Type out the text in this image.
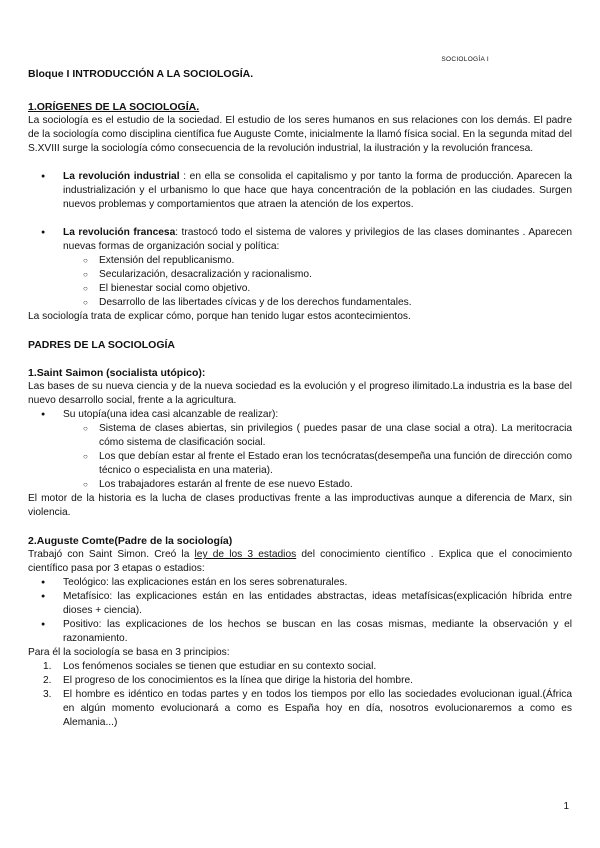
SOCIOLOGÍA I

Bloque I INTRODUCCIÓN A LA SOCIOLOGÍA.

1.ORÍGENES DE LA SOCIOLOGÍA.

La sociología es el estudio de la sociedad. El estudio de los seres humanos en sus relaciones con los demás. El padre de la sociología como disciplina científica fue Auguste Comte, inicialmente la llamó física social. En la segunda mitad del S.XVIII surge la sociología cómo consecuencia de la revolución industrial, la ilustración y la revolución francesa.

● La revolución industrial : en ella se consolida el capitalismo y por tanto la forma de producción. Aparecen la industrialización y el urbanismo lo que hace que haya concentración de la población en las ciudades. Surgen nuevos problemas y comportamientos que atraen la atención de los expertos.
● La revolución francesa: trastocó todo el sistema de valores y privilegios de las clases dominantes . Aparecen nuevas formas de organización social y política:
○ Extensión del republicanismo.
○ Secularización, desacralización y racionalismo.
○ El bienestar social como objetivo.
○ Desarrollo de las libertades cívicas y de los derechos fundamentales.

La sociología trata de explicar cómo, porque han tenido lugar estos acontecimientos.

PADRES DE LA SOCIOLOGÍA

1.Saint Saimon (socialista utópico):

Las bases de su nueva ciencia y de la nueva sociedad es la evolución y el progreso ilimitado.La industria es la base del nuevo desarrollo social, frente a la agricultura.

● Su utopía(una idea casi alcanzable de realizar):
○ Sistema de clases abiertas, sin privilegios ( puedes pasar de una clase social a otra). La meritocracia cómo sistema de clasificación social.
○ Los que debían estar al frente el Estado eran los tecnócratas(desempeña una función de dirección como técnico o especialista en una materia).
○ Los trabajadores estarán al frente de ese nuevo Estado.

El motor de la historia es la lucha de clases productivas frente a las improductivas aunque a diferencia de Marx, sin violencia.

2.Auguste Comte(Padre de la sociología)

Trabajó con Saint Simon. Creó la ley de los 3 estadios del conocimiento científico . Explica que el conocimiento científico pasa por 3 etapas o estadios:

● Teológico: las explicaciones están en los seres sobrenaturales.
● Metafísico: las explicaciones están en las entidades abstractas, ideas metafísicas(explicación híbrida entre dioses + ciencia).
● Positivo: las explicaciones de los hechos se buscan en las cosas mismas, mediante la observación y el razonamiento.

Para él la sociología se basa en 3 principios:

1. Los fenómenos sociales se tienen que estudiar en su contexto social.
2. El progreso de los conocimientos es la línea que dirige la historia del hombre.
3. El hombre es idéntico en todas partes y en todos los tiempos por ello las sociedades evolucionan igual.(África en algún momento evolucionará a como es España hoy en día, nosotros evolucionaremos a como es Alemania...)
1
